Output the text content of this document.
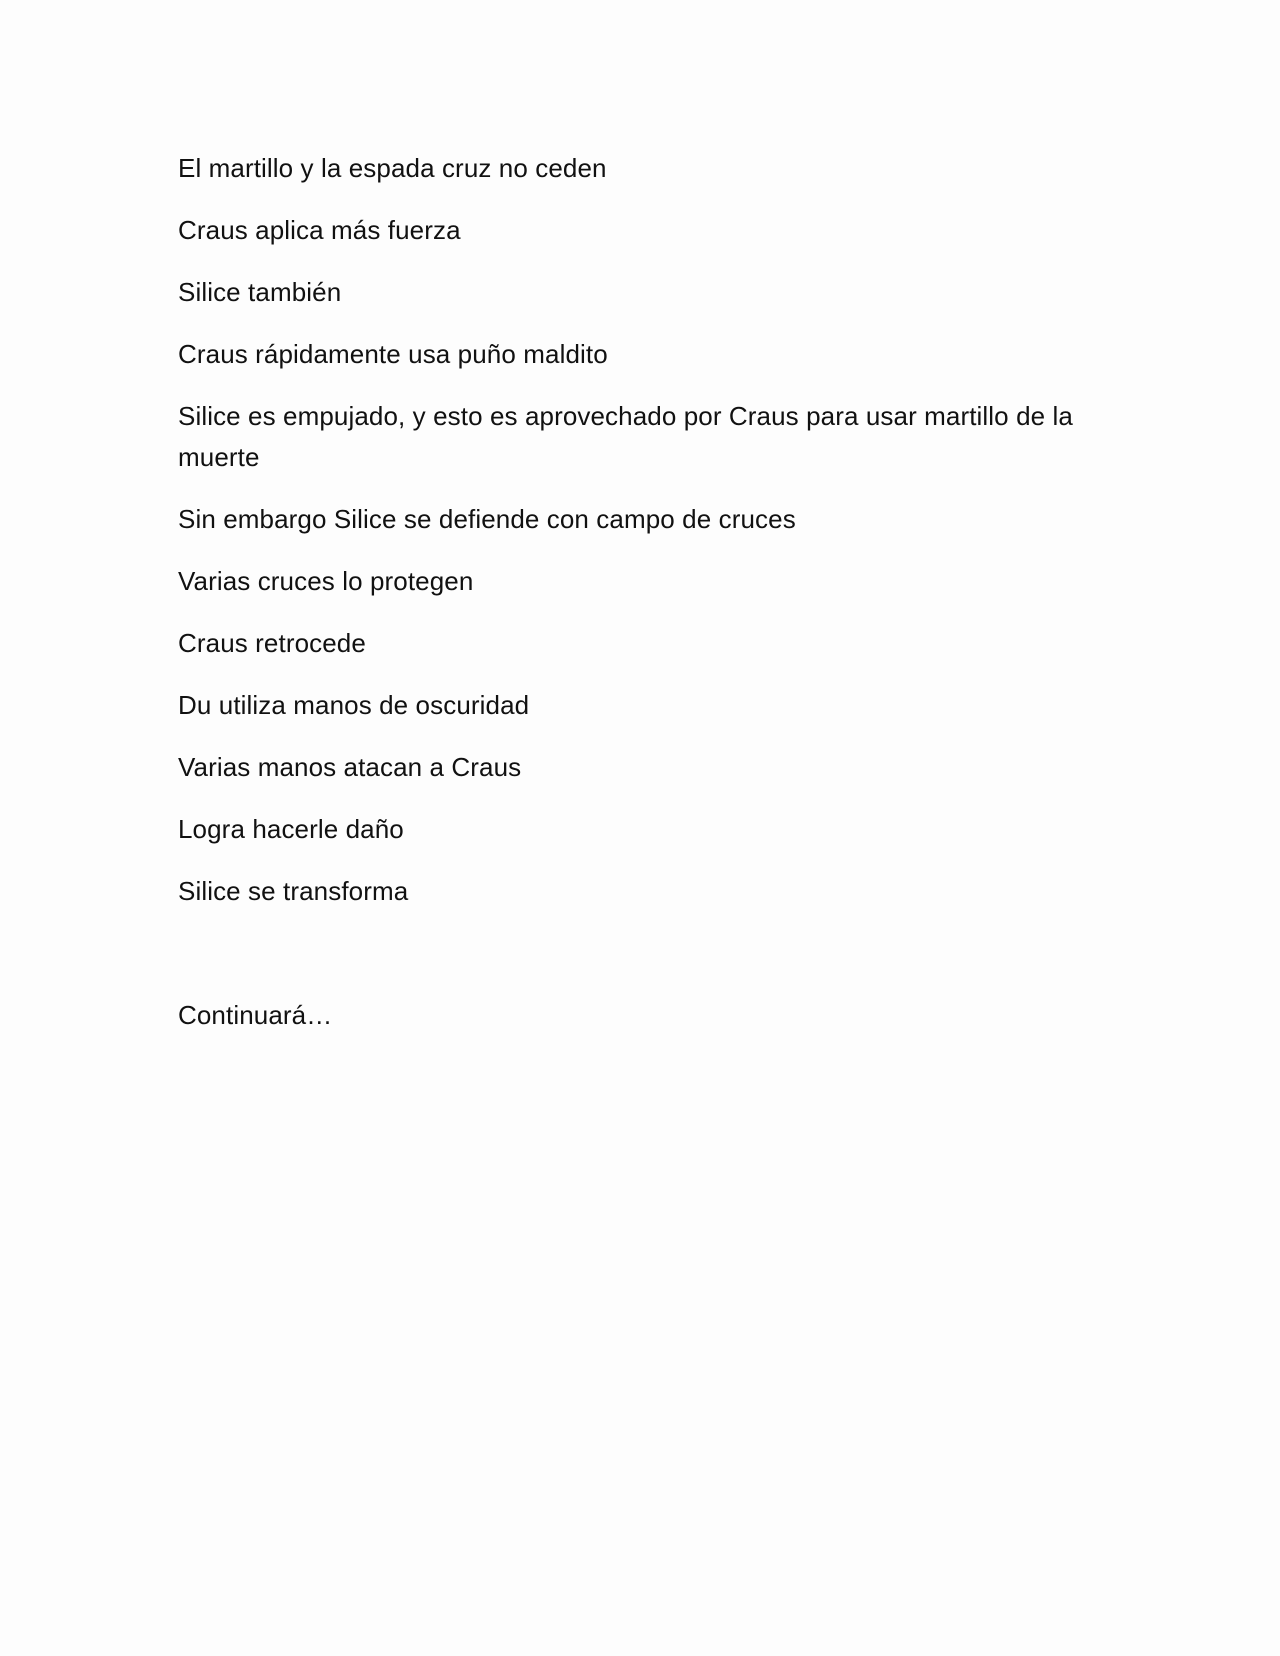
El martillo y la espada cruz no ceden

Craus aplica más fuerza

Silice también

Craus rápidamente usa puño maldito

Silice es empujado, y esto es aprovechado por Craus para usar martillo de la muerte

Sin embargo Silice se defiende con campo de cruces

Varias cruces lo protegen

Craus retrocede

Du utiliza manos de oscuridad

Varias manos atacan a Craus

Logra hacerle daño

Silice se transforma

Continuará…
